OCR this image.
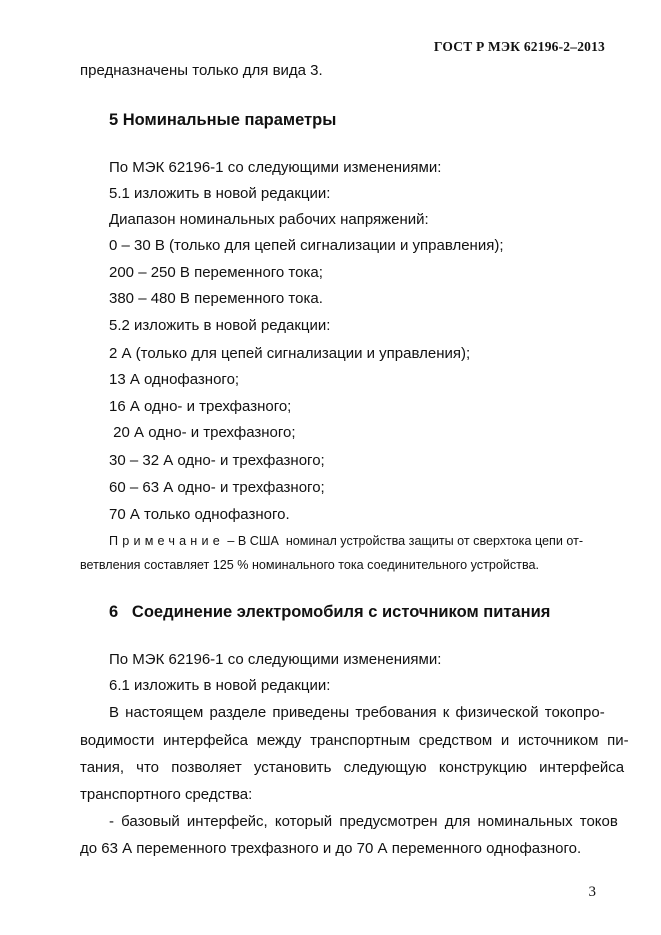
ГОСТ Р МЭК 62196-2–2013
предназначены только для вида 3.
5 Номинальные параметры
По МЭК 62196-1 со следующими изменениями:
5.1 изложить в новой редакции:
Диапазон номинальных рабочих напряжений:
0 – 30 В (только для цепей сигнализации и управления);
200 – 250 В переменного тока;
380 – 480 В переменного тока.
5.2 изложить в новой редакции:
2 А (только для цепей сигнализации и управления);
13 А однофазного;
16 А одно- и трехфазного;
20 А одно- и трехфазного;
30 – 32 А одно- и трехфазного;
60 – 63 А одно- и трехфазного;
70 А только однофазного.
Примечание – В США  номинал устройства защиты от сверхтока цепи от-
ветвления составляет 125 % номинального тока соединительного устройства.
6   Соединение электромобиля с источником питания
По МЭК 62196-1 со следующими изменениями:
6.1 изложить в новой редакции:
В настоящем разделе приведены требования к физической токопро-
водимости интерфейса между транспортным средством и источником пи-
тания, что позволяет установить следующую конструкцию интерфейса
транспортного средства:
- базовый интерфейс, который предусмотрен для номинальных токов
до 63 А переменного трехфазного и до 70 А переменного однофазного.
3
